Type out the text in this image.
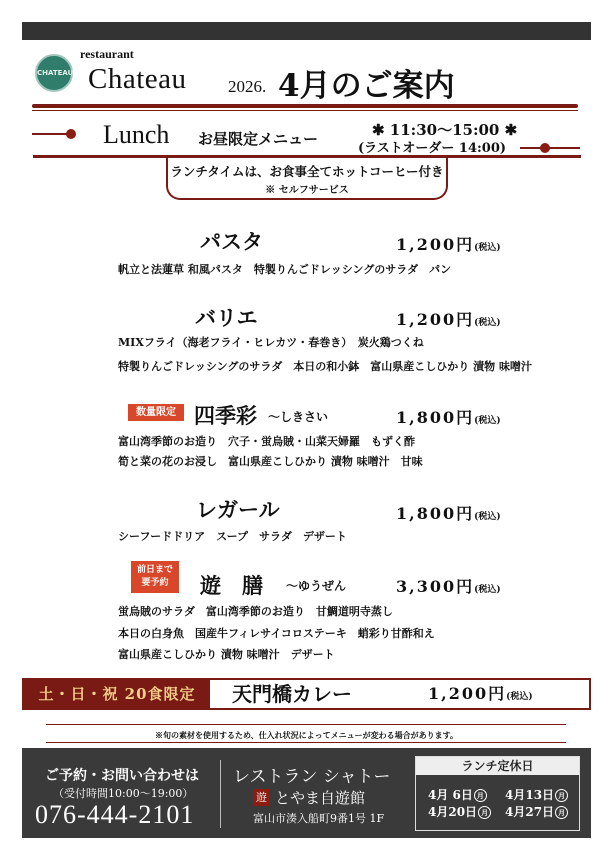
CHATEAU
restaurant
Chateau 2026. 4月のご案内
Lunch お昼限定メニュー	✱ 11:30～15:00 ✱
(ラストオーダー 14:00)
ランチタイムは、お食事全てホットコーヒー付き
※ セルフサービス
パスタ	1,200円(税込)
帆立と法蓮草 和風パスタ　特製りんごドレッシングのサラダ　パン
バリエ	1,200円(税込)
MIXフライ（海老フライ・ヒレカツ・春巻き）　炭火鶏つくね
特製りんごドレッシングのサラダ　本日の和小鉢　富山県産こしひかり 漬物 味噌汁
数量限定 四季彩 ～しきさい	1,800円(税込)
富山湾季節のお造り　穴子・蛍烏賊・山菜天婦羅　もずく酢
筍と菜の花のお浸し　富山県産こしひかり 漬物 味噌汁　甘味
レガール	1,800円(税込)
シーフードドリア　スープ　サラダ　デザート
前日まで
要予約	遊　膳 ～ゆうぜん	3,300円(税込)
蛍烏賊のサラダ　富山湾季節のお造り　甘鯛道明寺蒸し
本日の白身魚　国産牛フィレサイコロステーキ　蛸彩り甘酢和え
富山県産こしひかり 漬物 味噌汁　デザート
土・日・祝 20食限定	天門橋カレー	1,200円(税込)
※旬の素材を使用するため、仕入れ状況によってメニューが変わる場合があります。
ご予約・お問い合わせは
（受付時間10:00～19:00）
076-444-2101
レストラン シャトー
遊 とやま自遊館
富山市湊入船町9番1号 1F
ランチ定休日
4月 6日 月 4月13日 月
4月20日 月 4月27日 月
